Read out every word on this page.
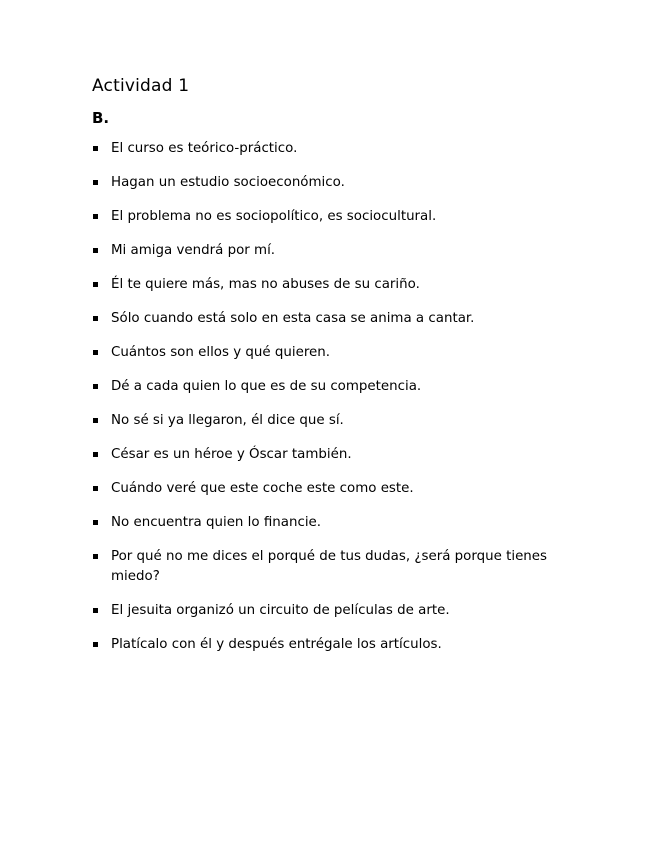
Actividad 1
B.
El curso es teórico-práctico.
Hagan un estudio socioeconómico.
El problema no es sociopolítico, es sociocultural.
Mi amiga vendrá por mí.
Él te quiere más, mas no abuses de su cariño.
Sólo cuando está solo en esta casa se anima a cantar.
Cuántos son ellos y qué quieren.
Dé a cada quien lo que es de su competencia.
No sé si ya llegaron, él dice que sí.
César es un héroe y Óscar también.
Cuándo veré que este coche este como este.
No encuentra quien lo financie.
Por qué no me dices el porqué de tus dudas, ¿será porque tienes miedo?
El jesuita organizó un circuito de películas de arte.
Platícalo con él y después entrégale los artículos.
